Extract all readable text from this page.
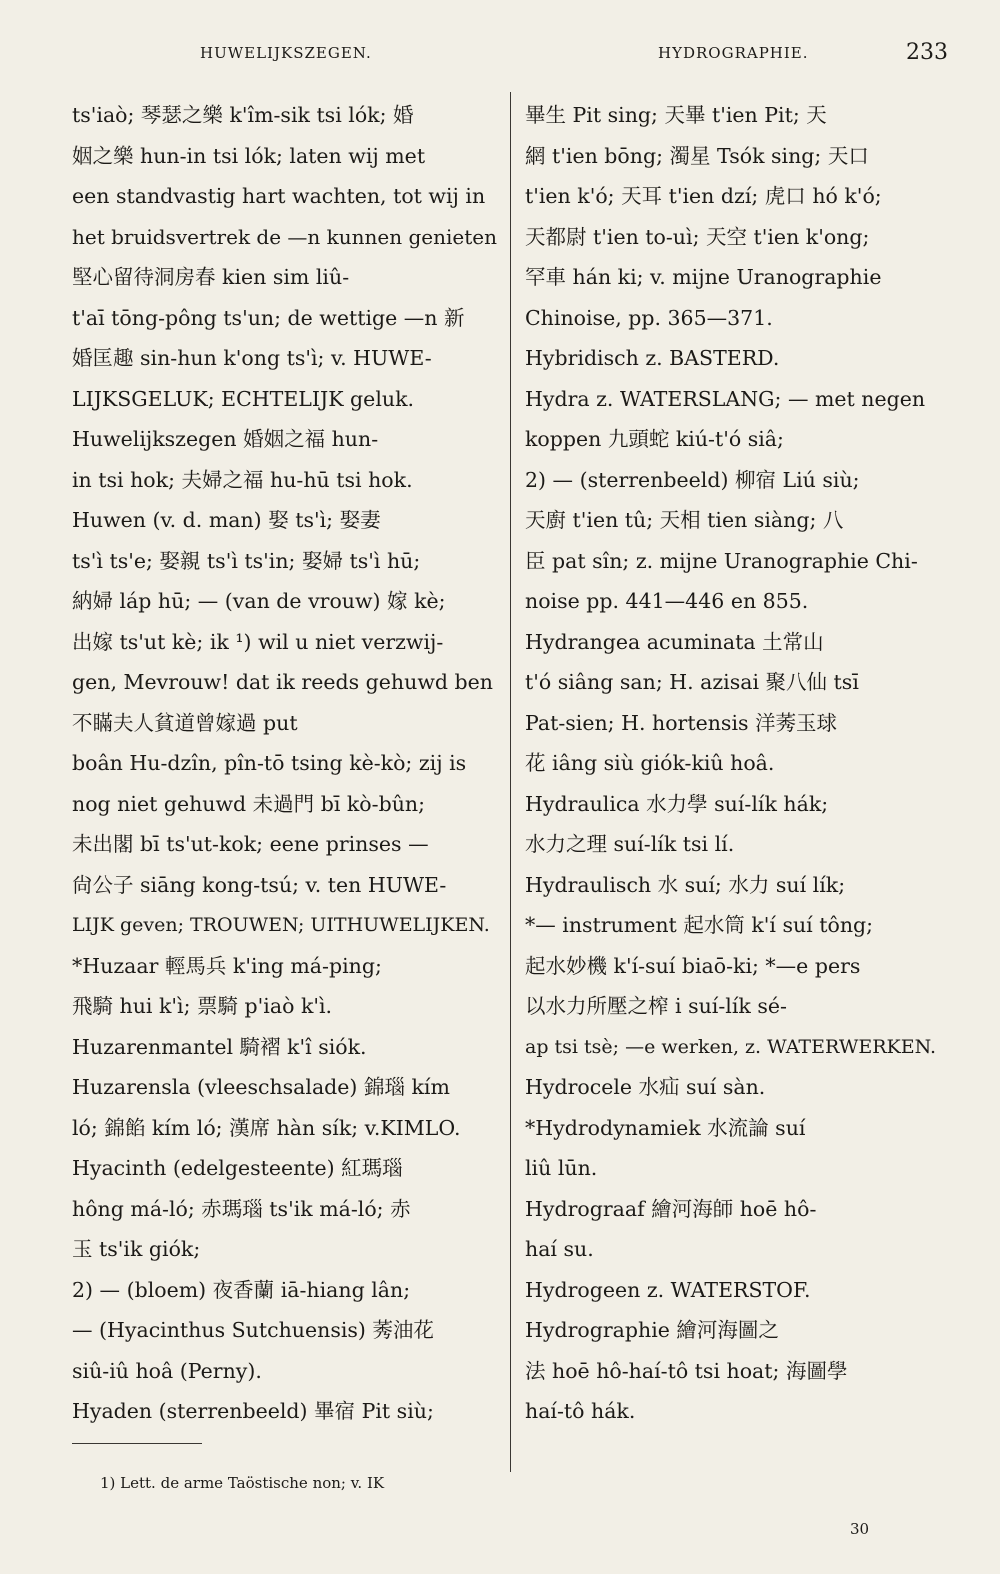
HUWELIJKSZEGEN.	HYDROGRAPHIE.	233
ts'iaò; 琴瑟之樂 k'îm-sik tsi lók; 婚
姻之樂 hun-in tsi lók; laten wij met
een standvastig hart wachten, tot wij in
het bruidsvertrek de —n kunnen genieten
堅心留待洞房春 kien sim liû-
t'aī tōng-pông ts'un; de wettige —n 新
婚匡趣 sin-hun k'ong ts'ì; v. HUWE-
LIJKSGELUK; ECHTELIJK geluk.
Huwelijkszegen 婚姻之福 hun-
in tsi hok; 夫婦之福 hu-hū tsi hok.
Huwen (v. d. man) 娶 ts'ì; 娶妻
ts'ì ts'e; 娶親 ts'ì ts'in; 娶婦 ts'ì hū;
納婦 láp hū; — (van de vrouw) 嫁 kè;
出嫁 ts'ut kè; ik ¹) wil u niet verzwij-
gen, Mevrouw! dat ik reeds gehuwd ben
不瞞夫人貧道曾嫁過 put
boân Hu-dzîn, pîn-tō tsing kè-kò; zij is
nog niet gehuwd 未過門 bī kò-bûn;
未出閣 bī ts'ut-kok; eene prinses —
尙公子 siāng kong-tsú; v. ten HUWE-
LIJK geven; TROUWEN; UITHUWELIJKEN.
*Huzaar 輕馬兵 k'ing má-ping;
飛騎 hui k'ì; 票騎 p'iaò k'ì.
Huzarenmantel 騎褶 k'î siók.
Huzarensla (vleeschsalade) 錦瑙 kím
ló; 錦餡 kím ló; 漢席 hàn sík; v.KIMLO.
Hyacinth (edelgesteente) 紅瑪瑙
hông má-ló; 赤瑪瑙 ts'ik má-ló; 赤
玉 ts'ik giók;
2) — (bloem) 夜香蘭 iā-hiang lân;
— (Hyacinthus Sutchuensis) 莠油花
siû-iû hoâ (Perny).
Hyaden (sterrenbeeld) 畢宿 Pit siù;
畢生 Pit sing; 天畢 t'ien Pit; 天
網 t'ien bōng; 濁星 Tsók sing; 天口
t'ien k'ó; 天耳 t'ien dzí; 虎口 hó k'ó;
天都尉 t'ien to-uì; 天空 t'ien k'ong;
罕車 hán ki; v. mijne Uranographie
Chinoise, pp. 365—371.
Hybridisch z. BASTERD.
Hydra z. WATERSLANG; — met negen
koppen 九頭蛇 kiú-t'ó siâ;
2) — (sterrenbeeld) 柳宿 Liú siù;
天廚 t'ien tû; 天相 tien siàng; 八
臣 pat sîn; z. mijne Uranographie Chi-
noise pp. 441—446 en 855.
Hydrangea acuminata 土常山
t'ó siâng san; H. azisai 聚八仙 tsī
Pat-sien; H. hortensis 洋莠玉球
花 iâng siù giók-kiû hoâ.
Hydraulica 水力學 suí-lík hák;
水力之理 suí-lík tsi lí.
Hydraulisch 水 suí; 水力 suí lík;
*— instrument 起水筒 k'í suí tông;
起水妙機 k'í-suí biaō-ki; *—e pers
以水力所壓之榨 i suí-lík sé-
ap tsi tsè; —e werken, z. WATERWERKEN.
Hydrocele 水疝 suí sàn.
*Hydrodynamiek 水流論 suí
liû lūn.
Hydrograaf 繪河海師 hoē hô-
haí su.
Hydrogeen z. WATERSTOF.
Hydrographie 繪河海圖之
法 hoē hô-haí-tô tsi hoat; 海圖學
haí-tô hák.
1) Lett. de arme Taöstische non; v. IK
30
